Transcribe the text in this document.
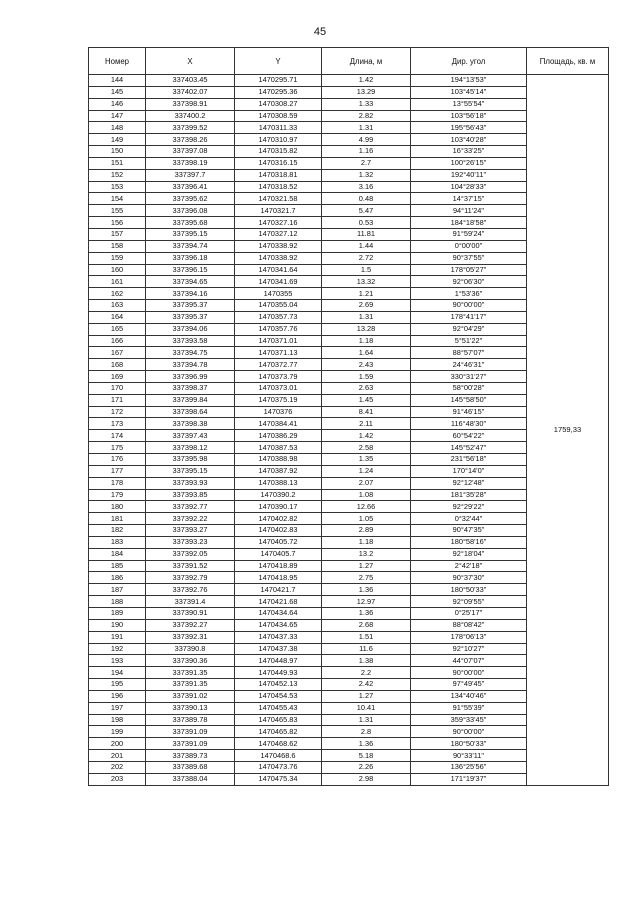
45
Номер	X	Y	Длина, м	Дир. угол	Площадь, кв. м
144	337403.45	1470295.71	1.42	194°13'53"	1759,33
145	337402.07	1470295.36	13.29	103°45'14"	
146	337398.91	1470308.27	1.33	13°55'54"	
147	337400.2	1470308.59	2.82	103°56'18"	
148	337399.52	1470311.33	1.31	195°56'43"	
149	337398.26	1470310.97	4.99	103°40'28"	
150	337397.08	1470315.82	1.16	16°33'25"	
151	337398.19	1470316.15	2.7	100°26'15"	
152	337397.7	1470318.81	1.32	192°40'11"	
153	337396.41	1470318.52	3.16	104°28'33"	
154	337395.62	1470321.58	0.48	14°37'15"	
155	337396.08	1470321.7	5.47	94°11'24"	
156	337395.68	1470327.16	0.53	184°18'58"	
157	337395.15	1470327.12	11.81	91°59'24"	
158	337394.74	1470338.92	1.44	0°00'00"	
159	337396.18	1470338.92	2.72	90°37'55"	
160	337396.15	1470341.64	1.5	178°05'27"	
161	337394.65	1470341.69	13.32	92°06'30"	
162	337394.16	1470355	1.21	1°53'36"	
163	337395.37	1470355.04	2.69	90°00'00"	
164	337395.37	1470357.73	1.31	178°41'17"	
165	337394.06	1470357.76	13.28	92°04'29"	
166	337393.58	1470371.01	1.18	5°51'22"	
167	337394.75	1470371.13	1.64	88°57'07"	
168	337394.78	1470372.77	2.43	24°46'31"	
169	337396.99	1470373.79	1.59	330°31'27"	
170	337398.37	1470373.01	2.63	58°00'28"	
171	337399.84	1470375.19	1.45	145°58'50"	
172	337398.64	1470376	8.41	91°46'15"	
173	337398.38	1470384.41	2.11	116°48'30"	
174	337397.43	1470386.29	1.42	60°54'22"	
175	337398.12	1470387.53	2.58	145°52'47"	
176	337395.98	1470388.98	1.35	231°56'18"	
177	337395.15	1470387.92	1.24	170°14'0"	
178	337393.93	1470388.13	2.07	92°12'48"	
179	337393.85	1470390.2	1.08	181°35'28"	
180	337392.77	1470390.17	12.66	92°29'22"	
181	337392.22	1470402.82	1.05	0°32'44"	
182	337393.27	1470402.83	2.89	90°47'35"	
183	337393.23	1470405.72	1.18	180°58'16"	
184	337392.05	1470405.7	13.2	92°18'04"	
185	337391.52	1470418.89	1.27	2°42'18"	
186	337392.79	1470418.95	2.75	90°37'30"	
187	337392.76	1470421.7	1.36	180°50'33"	
188	337391.4	1470421.68	12.97	92°09'55"	
189	337390.91	1470434.64	1.36	0°25'17"	
190	337392.27	1470434.65	2.68	88°08'42"	
191	337392.31	1470437.33	1.51	178°06'13"	
192	337390.8	1470437.38	11.6	92°10'27"	
193	337390.36	1470448.97	1.38	44°07'07"	
194	337391.35	1470449.93	2.2	90°00'00"	
195	337391.35	1470452.13	2.42	97°49'45"	
196	337391.02	1470454.53	1.27	134°40'46"	
197	337390.13	1470455.43	10.41	91°55'39"	
198	337389.78	1470465.83	1.31	359°33'45"	
199	337391.09	1470465.82	2.8	90°00'00"	
200	337391.09	1470468.62	1.36	180°50'33"	
201	337389.73	1470468.6	5.18	90°33'11"	
202	337389.68	1470473.76	2.26	136°25'56"	
203	337388.04	1470475.34	2.98	171°19'37"	
